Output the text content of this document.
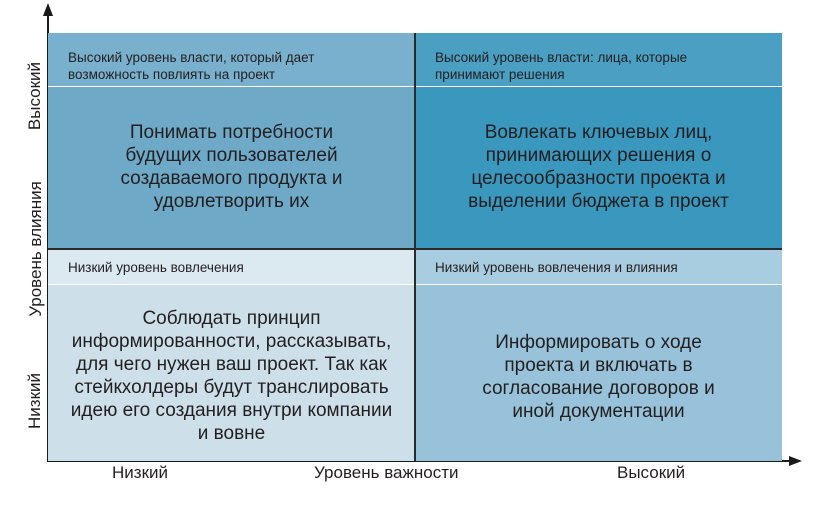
Высокий уровень власти, который дает возможность повлиять на проект
Понимать потребности будущих пользователей создаваемого продукта и удовлетворить их
Высокий уровень власти: лица, которые принимают решения
Вовлекать ключевых лиц, принимающих решения о целесообразности проекта и выделении бюджета в проект
Низкий уровень вовлечения
Соблюдать принцип информированности, рассказывать, для чего нужен ваш проект. Так как стейкхолдеры будут транслировать идею его создания внутри компании и вовне
Низкий уровень вовлечения и влияния
Информировать о ходе проекта и включать в согласование договоров и иной документации
Высокий
Уровень влияния
Низкий
Низкий	Уровень важности	Высокий
